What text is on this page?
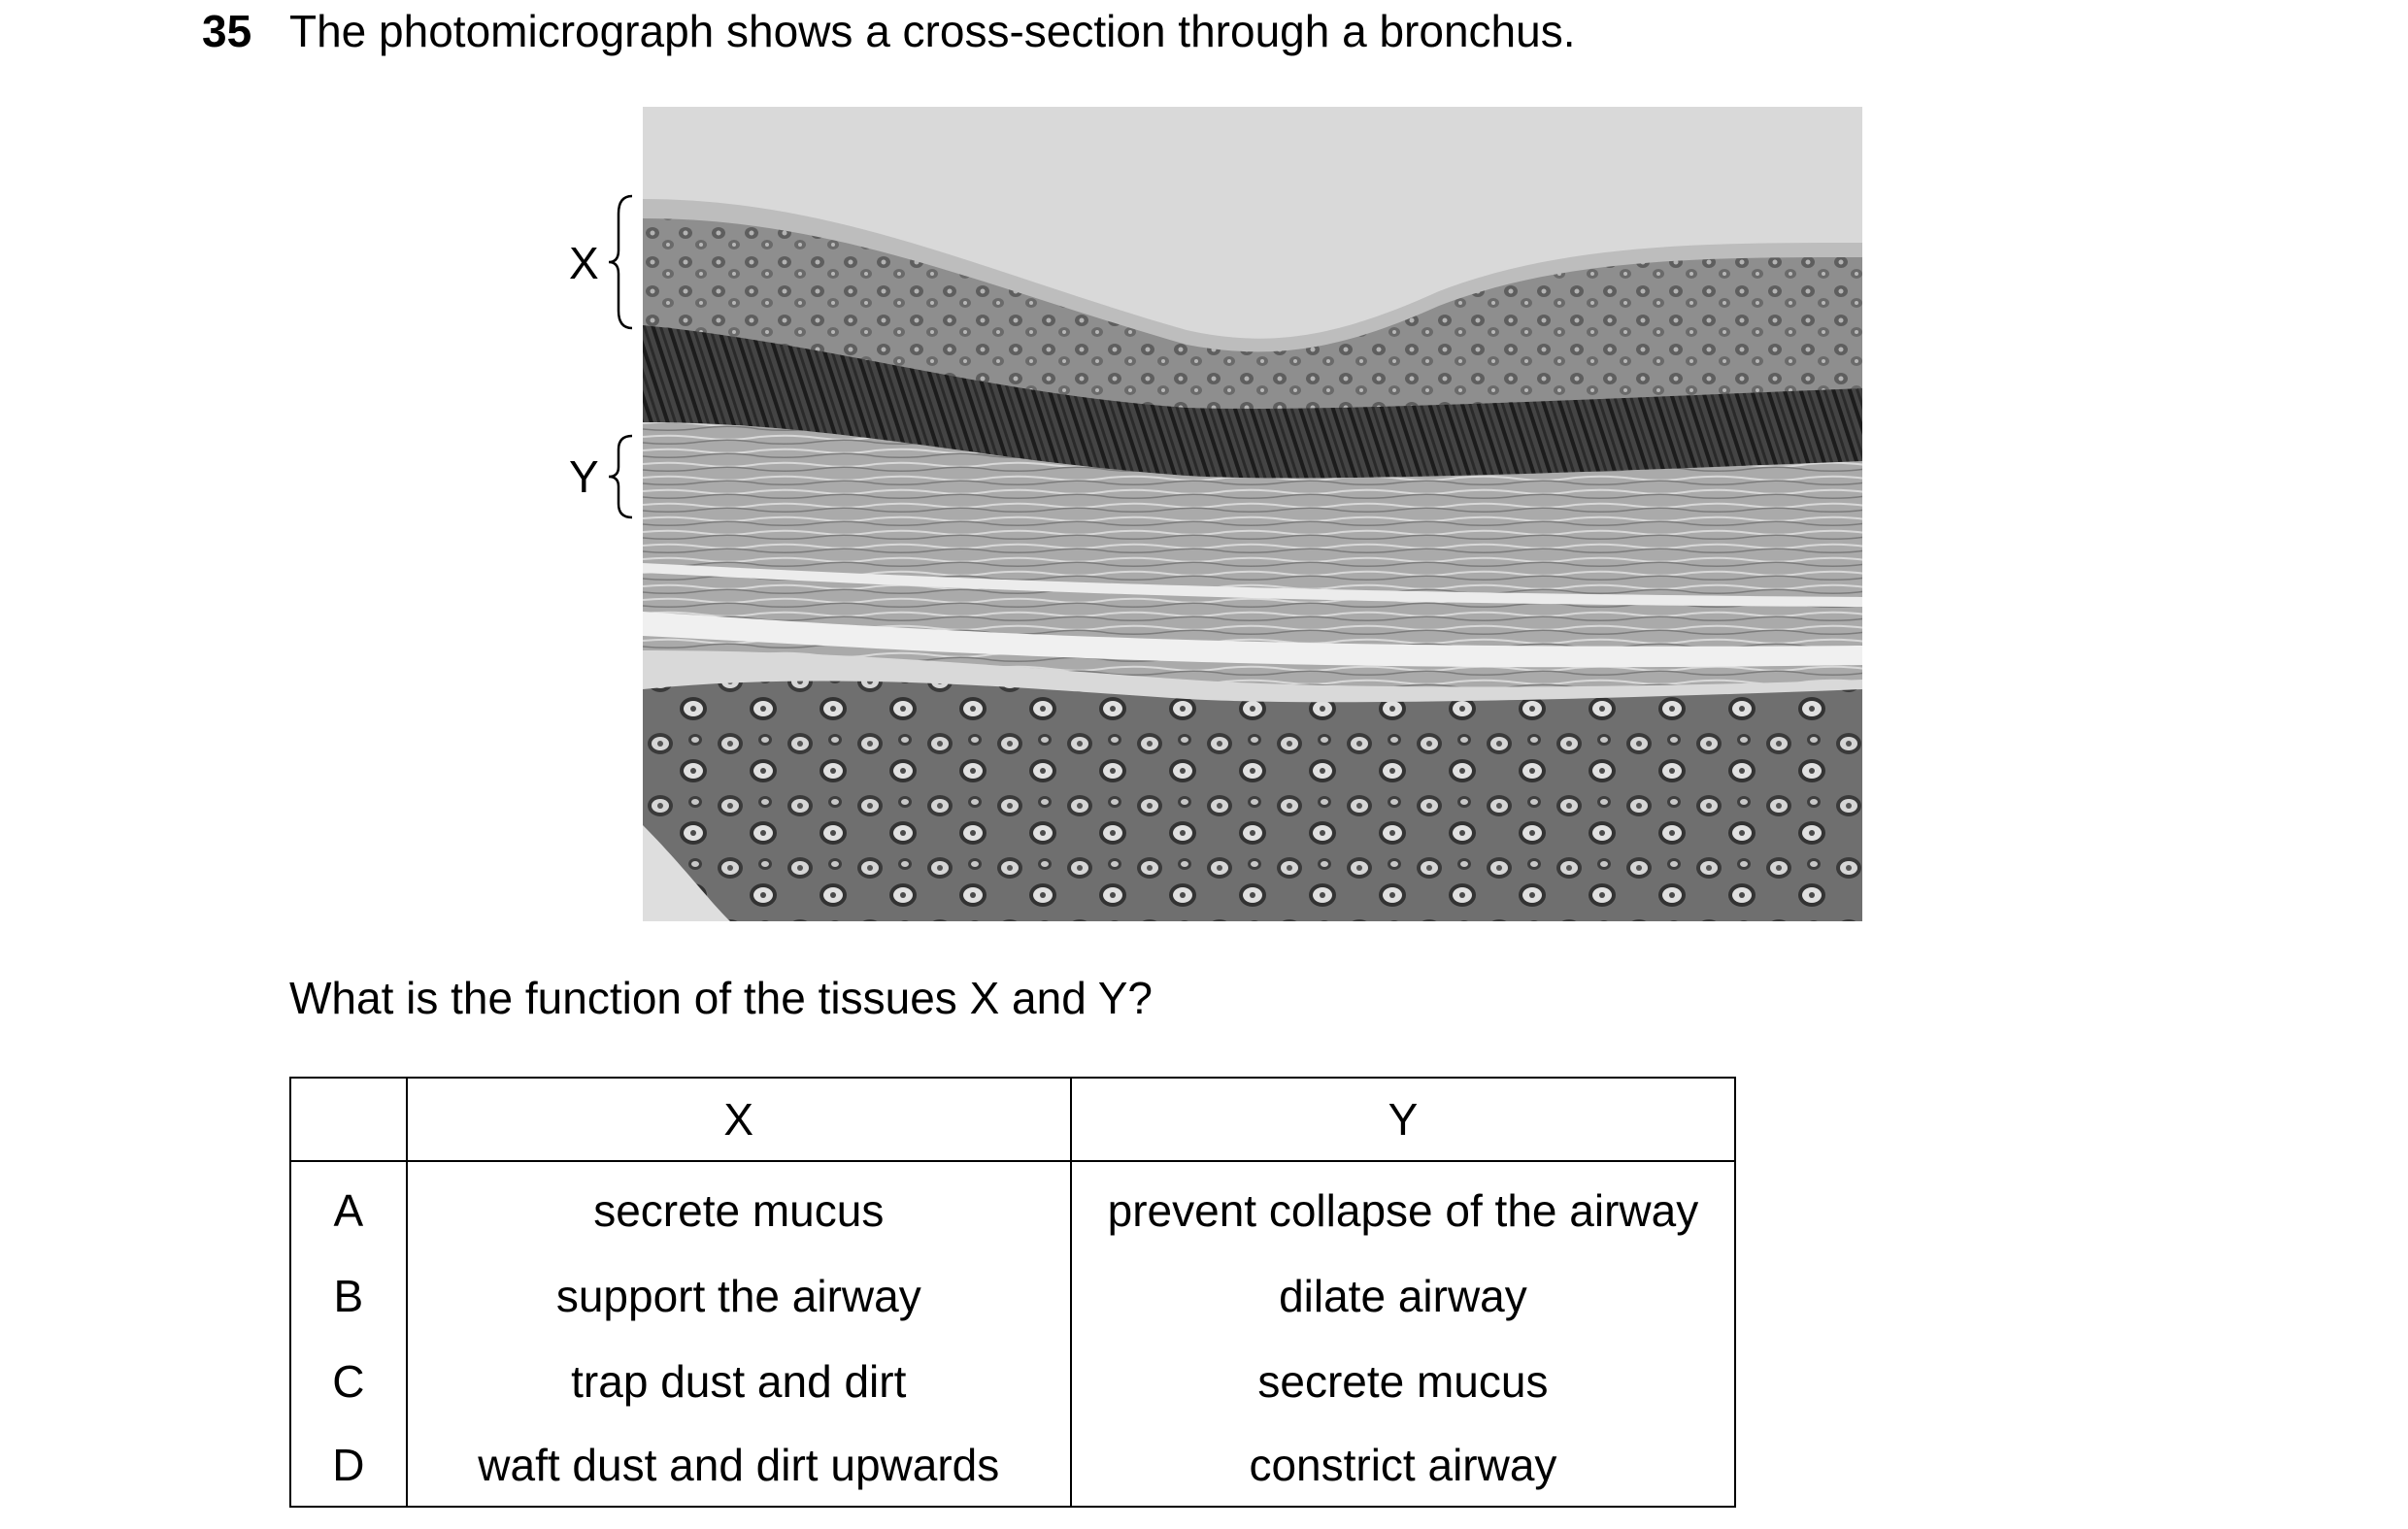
35 The photomicrograph shows a cross-section through a bronchus.
X
Y
What is the function of the tissues X and Y?
	X	Y
A	secrete mucus	prevent collapse of the airway
B	support the airway	dilate airway
C	trap dust and dirt	secrete mucus
D	waft dust and dirt upwards	constrict airway
